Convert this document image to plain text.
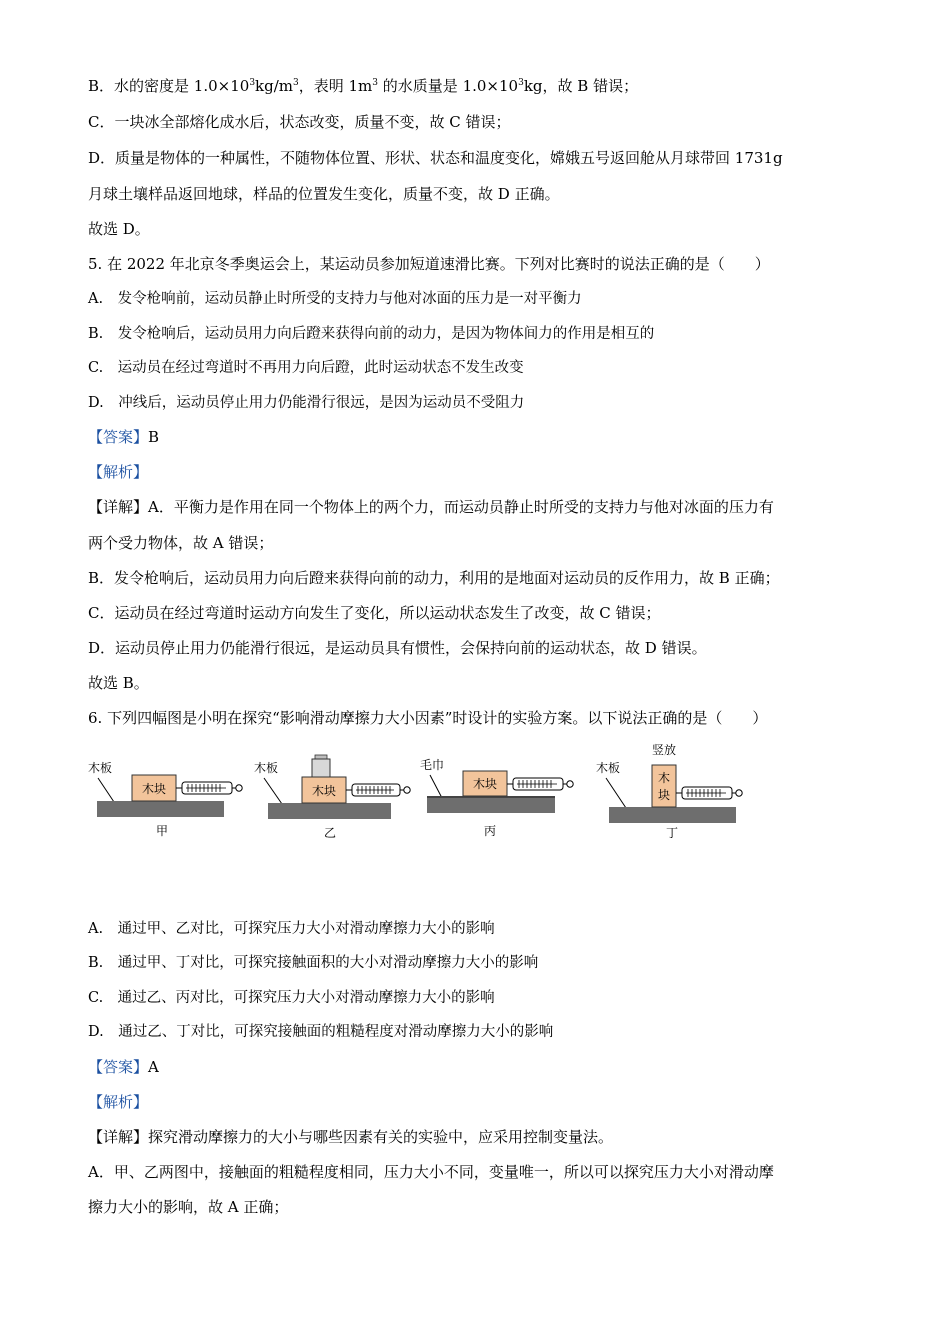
B．水的密度是 $1.0\times 10^3kg/m^3$，表明 $1m^3$ 的水质量是 $1.0\times 10^3kg$，故 B 错误；
C．一块冰全部熔化成水后，状态改变，质量不变，故 C 错误；
D．质量是物体的一种属性，不随物体位置、形状、状态和温度变化，嫦娥五号返回舱从月球带回 1731g
月球土壤样品返回地球，样品的位置发生变化，质量不变，故 D 正确。
故选 D。
5. 在 2022 年北京冬季奥运会上，某运动员参加短道速滑比赛。下列对比赛时的说法正确的是（　　）
A.　发令枪响前，运动员静止时所受的支持力与他对冰面的压力是一对平衡力
B.　发令枪响后，运动员用力向后蹬来获得向前的动力，是因为物体间力的作用是相互的
C.　运动员在经过弯道时不再用力向后蹬，此时运动状态不发生改变
D.　冲线后，运动员停止用力仍能滑行很远，是因为运动员不受阻力
【答案】B
【解析】
【详解】A．平衡力是作用在同一个物体上的两个力，而运动员静止时所受的支持力与他对冰面的压力有
两个受力物体，故 A 错误；
B．发令枪响后，运动员用力向后蹬来获得向前的动力，利用的是地面对运动员的反作用力，故 B 正确；
C．运动员在经过弯道时运动方向发生了变化，所以运动状态发生了改变，故 C 错误；
D．运动员停止用力仍能滑行很远，是运动员具有惯性，会保持向前的运动状态，故 D 错误。
故选 B。
6. 下列四幅图是小明在探究“影响滑动摩擦力大小因素”时设计的实验方案。以下说法正确的是（　　）
木板
木块
甲
木板
木块
乙
毛巾
木块
丙
竖放
木板
木
块
丁
A.　通过甲、乙对比，可探究压力大小对滑动摩擦力大小的影响
B.　通过甲、丁对比，可探究接触面积的大小对滑动摩擦力大小的影响
C.　通过乙、丙对比，可探究压力大小对滑动摩擦力大小的影响
D.　通过乙、丁对比，可探究接触面的粗糙程度对滑动摩擦力大小的影响
【答案】A
【解析】
【详解】探究滑动摩擦力的大小与哪些因素有关的实验中，应采用控制变量法。
A．甲、乙两图中，接触面的粗糙程度相同，压力大小不同，变量唯一，所以可以探究压力大小对滑动摩
擦力大小的影响，故 A 正确；
